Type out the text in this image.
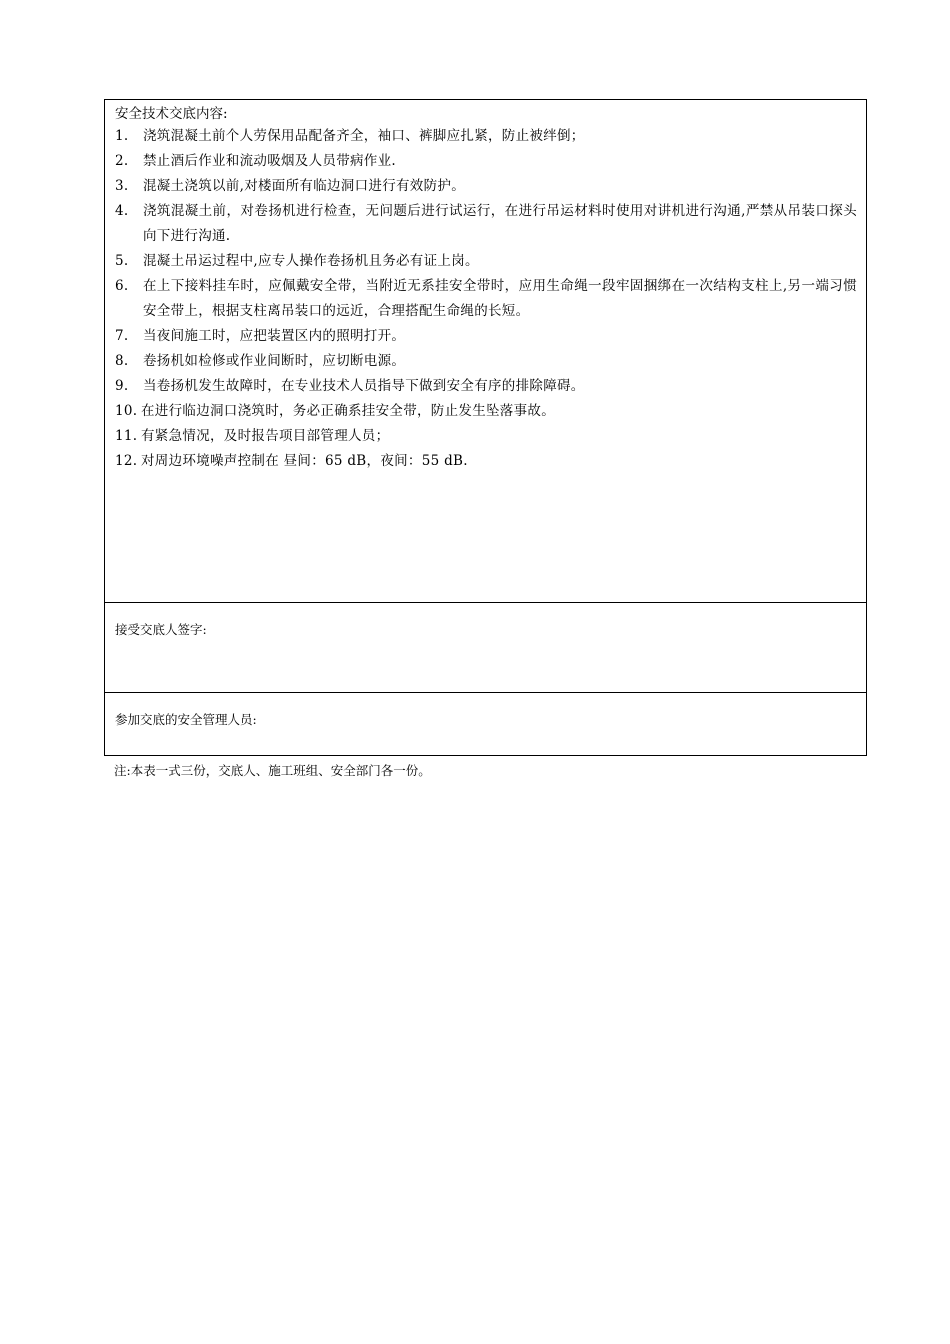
安全技术交底内容:
1.	浇筑混凝土前个人劳保用品配备齐全，袖口、裤脚应扎紧，防止被绊倒；
2.	禁止酒后作业和流动吸烟及人员带病作业.
3.	混凝土浇筑以前,对楼面所有临边洞口进行有效防护。
4.	浇筑混凝土前，对卷扬机进行检查，无问题后进行试运行，在进行吊运材料时使用对讲机进行沟通,严禁从吊装口探头向下进行沟通.
5.	混凝土吊运过程中,应专人操作卷扬机且务必有证上岗。
6.	在上下接料挂车时，应佩戴安全带，当附近无系挂安全带时，应用生命绳一段牢固捆绑在一次结构支柱上,另一端习惯安全带上，根据支柱离吊装口的远近，合理搭配生命绳的长短。
7.	当夜间施工时，应把装置区内的照明打开。
8.	卷扬机如检修或作业间断时，应切断电源。
9.	当卷扬机发生故障时，在专业技术人员指导下做到安全有序的排除障碍。
10. 在进行临边洞口浇筑时，务必正确系挂安全带，防止发生坠落事故。
11. 有紧急情况，及时报告项目部管理人员；
12. 对周边环境噪声控制在 昼间：65 dB，夜间：55 dB.
接受交底人签字:
参加交底的安全管理人员:
注:本表一式三份，交底人、施工班组、安全部门各一份。
